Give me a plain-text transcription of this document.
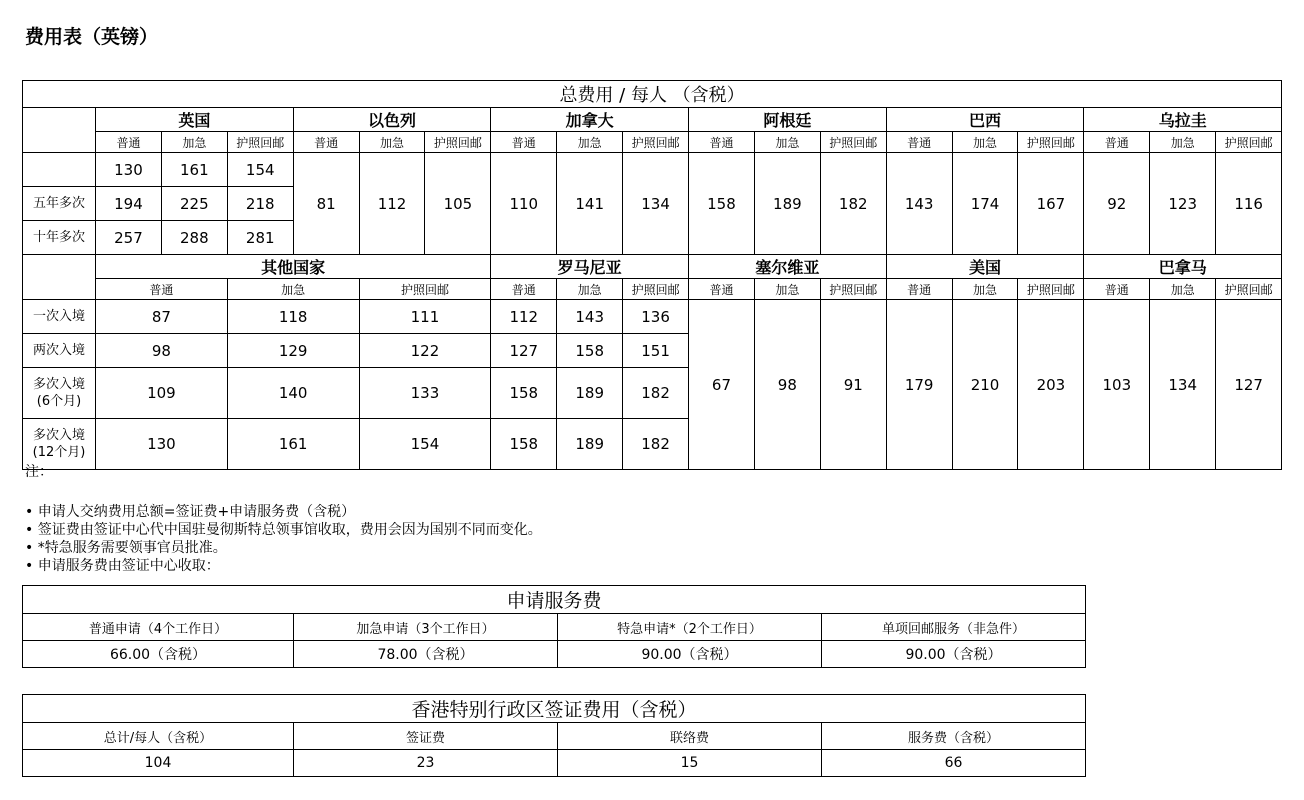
费用表（英镑）
总费用 / 每人 （含税）																		
	英国			以色列			加拿大			阿根廷			巴西			乌拉圭		
	普通	加急	护照回邮	普通	加急	护照回邮	普通	加急	护照回邮	普通	加急	护照回邮	普通	加急	护照回邮	普通	加急	护照回邮
	130	161	154	81	112	105	110	141	134	158	189	182	143	174	167	92	123	116
五年多次	194	225	218															
十年多次	257	288	281															
	其他国家						罗马尼亚			塞尔维亚			美国			巴拿马		
	普通		加急		护照回邮		普通	加急	护照回邮	普通	加急	护照回邮	普通	加急	护照回邮	普通	加急	护照回邮
一次入境	87		118		111		112	143	136	67	98	91	179	210	203	103	134	127
两次入境	98		129		122		127	158	151									
多次入境
(6个月)	109		140		133		158	189	182									
多次入境
(12个月)	130		161		154		158	189	182									
注：
• 申请人交纳费用总额=签证费+申请服务费（含税）
• 签证费由签证中心代中国驻曼彻斯特总领事馆收取，费用会因为国别不同而变化。
• *特急服务需要领事官员批准。
• 申请服务费由签证中心收取：
申请服务费			
普通申请（4个工作日）	加急申请（3个工作日）	特急申请*（2个工作日）	单项回邮服务（非急件）
66.00（含税）	78.00（含税）	90.00（含税）	90.00（含税）
香港特别行政区签证费用（含税）			
总计/每人（含税）	签证费	联络费	服务费（含税）
104	23	15	66
